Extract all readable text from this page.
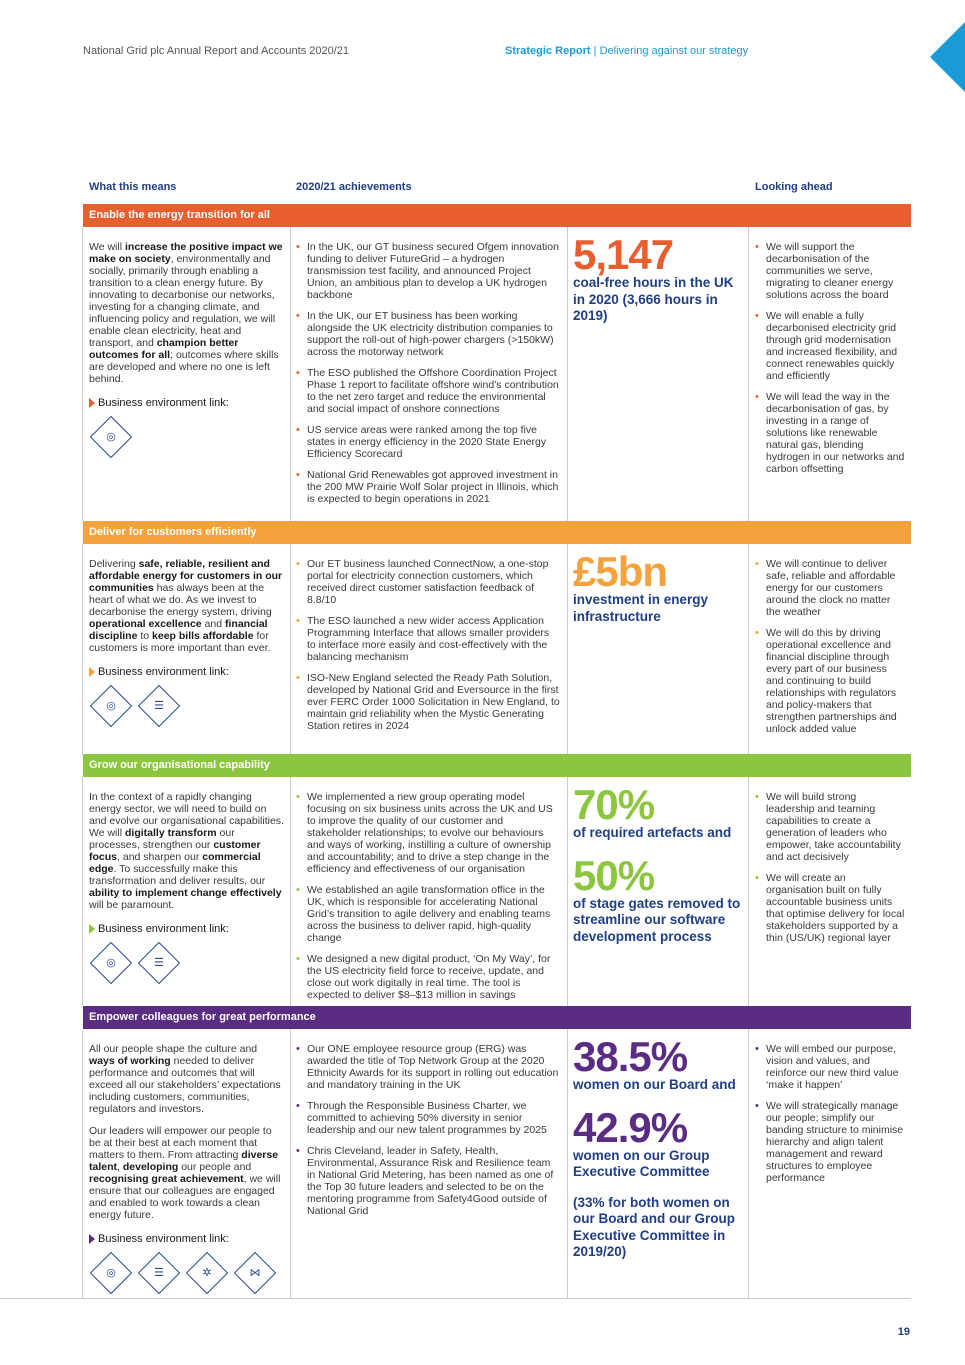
National Grid plc Annual Report and Accounts 2020/21	Strategic Report | Delivering against our strategy
What this means	2020/21 achievements	Looking ahead
Enable the energy transition for all

We will increase the positive impact we make on society, environmentally and socially, primarily through enabling a transition to a clean energy future. By innovating to decarbonise our networks, investing for a changing climate, and influencing policy and regulation, we will enable clean electricity, heat and transport, and champion better outcomes for all; outcomes where skills are developed and where no one is left behind.

Business environment link:
◎
• In the UK, our GT business secured Ofgem innovation funding to deliver FutureGrid – a hydrogen transmission test facility, and announced Project Union, an ambitious plan to develop a UK hydrogen backbone
• In the UK, our ET business has been working alongside the UK electricity distribution companies to support the roll-out of high-power chargers (>150kW) across the motorway network
• The ESO published the Offshore Coordination Project Phase 1 report to facilitate offshore wind’s contribution to the net zero target and reduce the environmental and social impact of onshore connections
• US service areas were ranked among the top five states in energy efficiency in the 2020 State Energy Efficiency Scorecard
• National Grid Renewables got approved investment in the 200 MW Prairie Wolf Solar project in Illinois, which is expected to begin operations in 2021
5,147
coal-free hours in the UK in 2020 (3,666 hours in 2019)
• We will support the decarbonisation of the communities we serve, migrating to cleaner energy solutions across the board
• We will enable a fully decarbonised electricity grid through grid modernisation and increased flexibility, and connect renewables quickly and efficiently
• We will lead the way in the decarbonisation of gas, by investing in a range of solutions like renewable natural gas, blending hydrogen in our networks and carbon offsetting
Deliver for customers efficiently

Delivering safe, reliable, resilient and affordable energy for customers in our communities has always been at the heart of what we do. As we invest to decarbonise the energy system, driving operational excellence and financial discipline to keep bills affordable for customers is more important than ever.

Business environment link:
◎	☰
• Our ET business launched ConnectNow, a one-stop portal for electricity connection customers, which received direct customer satisfaction feedback of 8.8/10
• The ESO launched a new wider access Application Programming Interface that allows smaller providers to interface more easily and cost-effectively with the balancing mechanism
• ISO-New England selected the Ready Path Solution, developed by National Grid and Eversource in the first ever FERC Order 1000 Solicitation in New England, to maintain grid reliability when the Mystic Generating Station retires in 2024
£5bn
investment in energy infrastructure
• We will continue to deliver safe, reliable and affordable energy for our customers around the clock no matter the weather
• We will do this by driving operational excellence and financial discipline through every part of our business and continuing to build relationships with regulators and policy-makers that strengthen partnerships and unlock added value
Grow our organisational capability

In the context of a rapidly changing energy sector, we will need to build on and evolve our organisational capabilities. We will digitally transform our processes, strengthen our customer focus, and sharpen our commercial edge. To successfully make this transformation and deliver results, our ability to implement change effectively will be paramount.

Business environment link:
◎	☰
• We implemented a new group operating model focusing on six business units across the UK and US to improve the quality of our customer and stakeholder relationships; to evolve our behaviours and ways of working, instilling a culture of ownership and accountability; and to drive a step change in the efficiency and effectiveness of our organisation
• We established an agile transformation office in the UK, which is responsible for accelerating National Grid’s transition to agile delivery and enabling teams across the business to deliver rapid, high-quality change
• We designed a new digital product, ‘On My Way’, for the US electricity field force to receive, update, and close out work digitally in real time. The tool is expected to deliver $8–$13 million in savings
70%
of required artefacts and
50%
of stage gates removed to streamline our software development process
• We will build strong leadership and teaming capabilities to create a generation of leaders who empower, take accountability and act decisively
• We will create an organisation built on fully accountable business units that optimise delivery for local stakeholders supported by a thin (US/UK) regional layer
Empower colleagues for great performance

All our people shape the culture and ways of working needed to deliver performance and outcomes that will exceed all our stakeholders’ expectations including customers, communities, regulators and investors.

Our leaders will empower our people to be at their best at each moment that matters to them. From attracting diverse talent, developing our people and recognising great achievement, we will ensure that our colleagues are engaged and enabled to work towards a clean energy future.

Business environment link:
◎	☰	✲	⋈
• Our ONE employee resource group (ERG) was awarded the title of Top Network Group at the 2020 Ethnicity Awards for its support in rolling out education and mandatory training in the UK
• Through the Responsible Business Charter, we committed to achieving 50% diversity in senior leadership and our new talent programmes by 2025
• Chris Cleveland, leader in Safety, Health, Environmental, Assurance Risk and Resilience team in National Grid Metering, has been named as one of the Top 30 future leaders and selected to be on the mentoring programme from Safety4Good outside of National Grid
38.5%
women on our Board and
42.9%
women on our Group Executive Committee
(33% for both women on our Board and our Group Executive Committee in 2019/20)
• We will embed our purpose, vision and values, and reinforce our new third value ‘make it happen’
• We will strategically manage our people; simplify our banding structure to minimise hierarchy and align talent management and reward structures to employee performance
19
